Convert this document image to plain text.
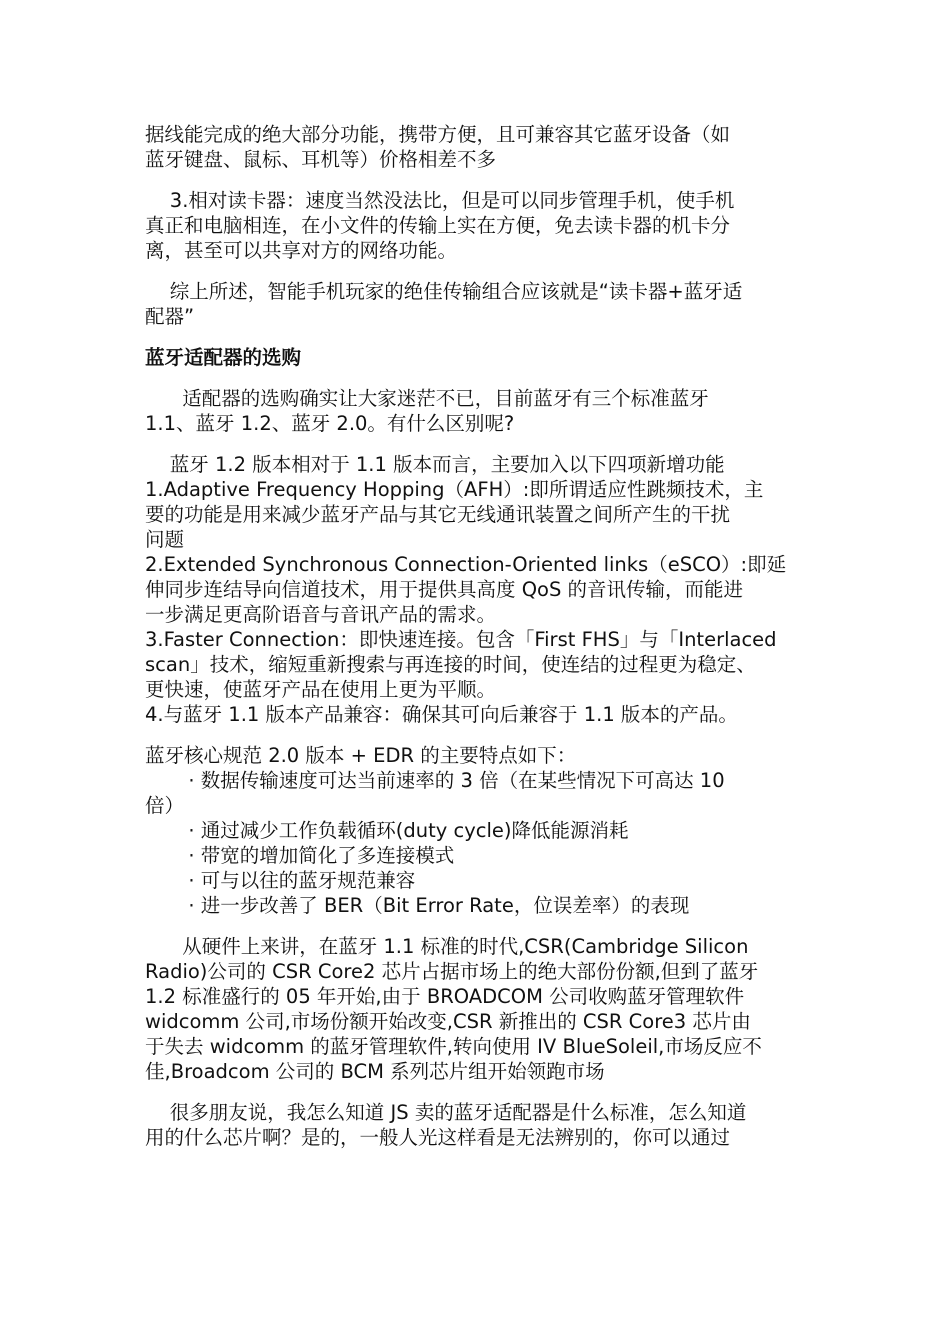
据线能完成的绝大部分功能，携带方便，且可兼容其它蓝牙设备（如
蓝牙键盘、鼠标、耳机等）价格相差不多

3.相对读卡器：速度当然没法比，但是可以同步管理手机，使手机
真正和电脑相连，在小文件的传输上实在方便，免去读卡器的机卡分
离，甚至可以共享对方的网络功能。

综上所述，智能手机玩家的绝佳传输组合应该就是“读卡器+蓝牙适
配器”

蓝牙适配器的选购

适配器的选购确实让大家迷茫不已，目前蓝牙有三个标准蓝牙
1.1、蓝牙 1.2、蓝牙 2.0。有什么区别呢?

蓝牙 1.2 版本相对于 1.1 版本而言，主要加入以下四项新增功能
1.Adaptive Frequency Hopping（AFH）:即所谓适应性跳频技术，主
要的功能是用来减少蓝牙产品与其它无线通讯装置之间所产生的干扰
问题
2.Extended Synchronous Connection-Oriented links（eSCO）:即延
伸同步连结导向信道技术，用于提供具高度 QoS 的音讯传输，而能进
一步满足更高阶语音与音讯产品的需求。
3.Faster Connection：即快速连接。包含「First FHS」与「Interlaced
scan」技术，缩短重新搜索与再连接的时间，使连结的过程更为稳定、
更快速，使蓝牙产品在使用上更为平顺。
4.与蓝牙 1.1 版本产品兼容：确保其可向后兼容于 1.1 版本的产品。

蓝牙核心规范 2.0 版本 + EDR 的主要特点如下：
· 数据传输速度可达当前速率的 3 倍（在某些情况下可高达 10
倍）
· 通过减少工作负载循环(duty cycle)降低能源消耗
· 带宽的增加简化了多连接模式
· 可与以往的蓝牙规范兼容
· 进一步改善了 BER（Bit Error Rate，位误差率）的表现

从硬件上来讲，在蓝牙 1.1 标准的时代,CSR(Cambridge Silicon
Radio)公司的 CSR Core2 芯片占据市场上的绝大部份份额,但到了蓝牙
1.2 标准盛行的 05 年开始,由于 BROADCOM 公司收购蓝牙管理软件
widcomm 公司,市场份额开始改变,CSR 新推出的 CSR Core3 芯片由
于失去 widcomm 的蓝牙管理软件,转向使用 IV BlueSoleil,市场反应不
佳,Broadcom 公司的 BCM 系列芯片组开始领跑市场

很多朋友说，我怎么知道 JS 卖的蓝牙适配器是什么标准，怎么知道
用的什么芯片啊？是的，一般人光这样看是无法辨别的，你可以通过
